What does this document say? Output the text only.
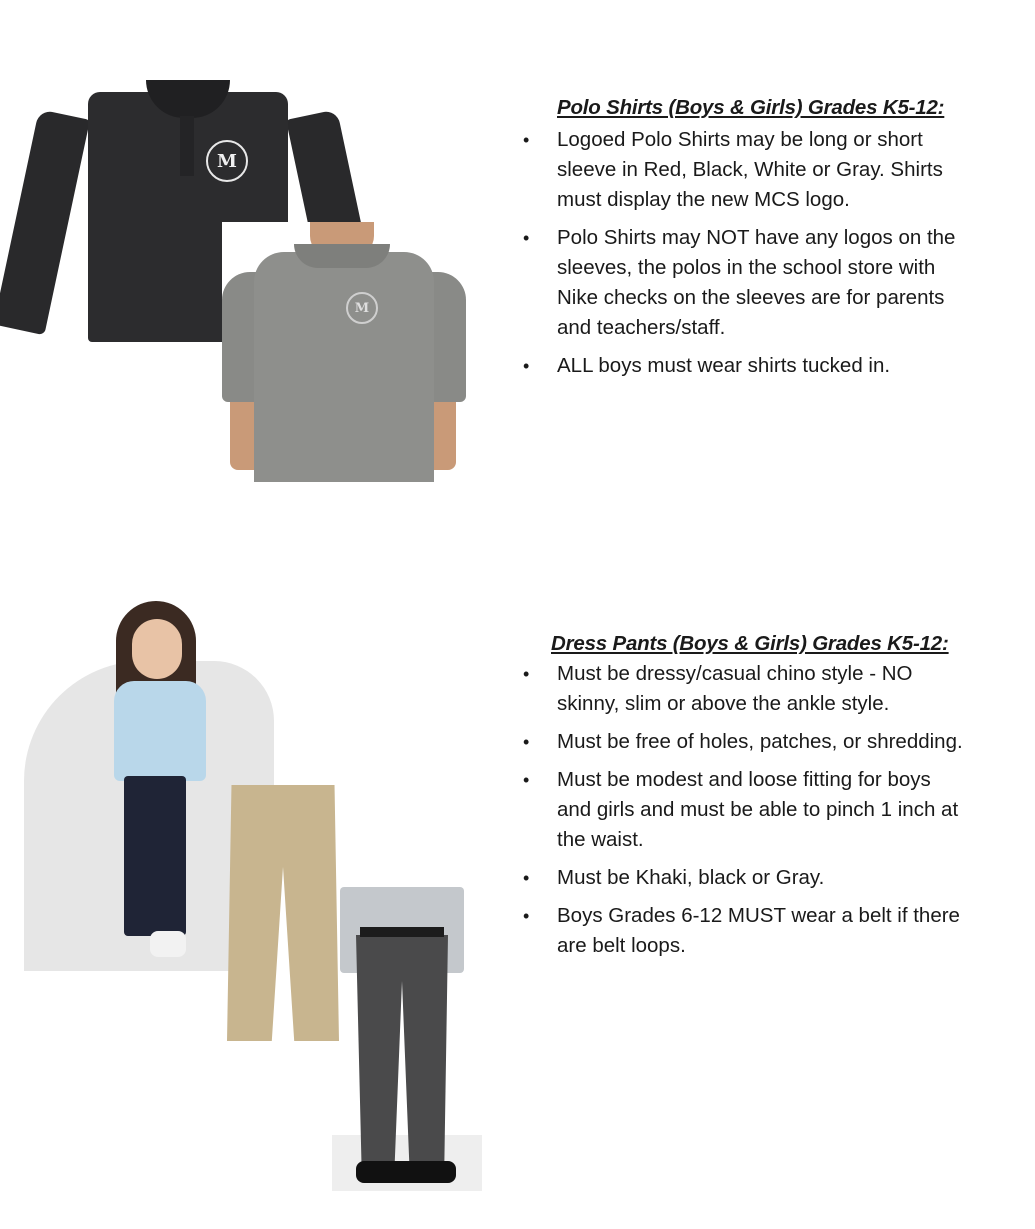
M
M
Polo Shirts (Boys & Girls) Grades K5-12:
• Logoed Polo Shirts may be long or short sleeve in Red, Black, White or Gray. Shirts must display the new MCS logo.
• Polo Shirts may NOT have any logos on the sleeves, the polos in the school store with Nike checks on the sleeves are for parents and teachers/staff.
• ALL boys must wear shirts tucked in.
Dress Pants (Boys & Girls) Grades K5-12:
• Must be dressy/casual chino style - NO skinny, slim or above the ankle style.
• Must be free of holes, patches, or shredding.
• Must be modest and loose fitting for boys and girls and must be able to pinch 1 inch at the waist.
• Must be Khaki, black or Gray.
• Boys Grades 6-12 MUST wear a belt if there are belt loops.
